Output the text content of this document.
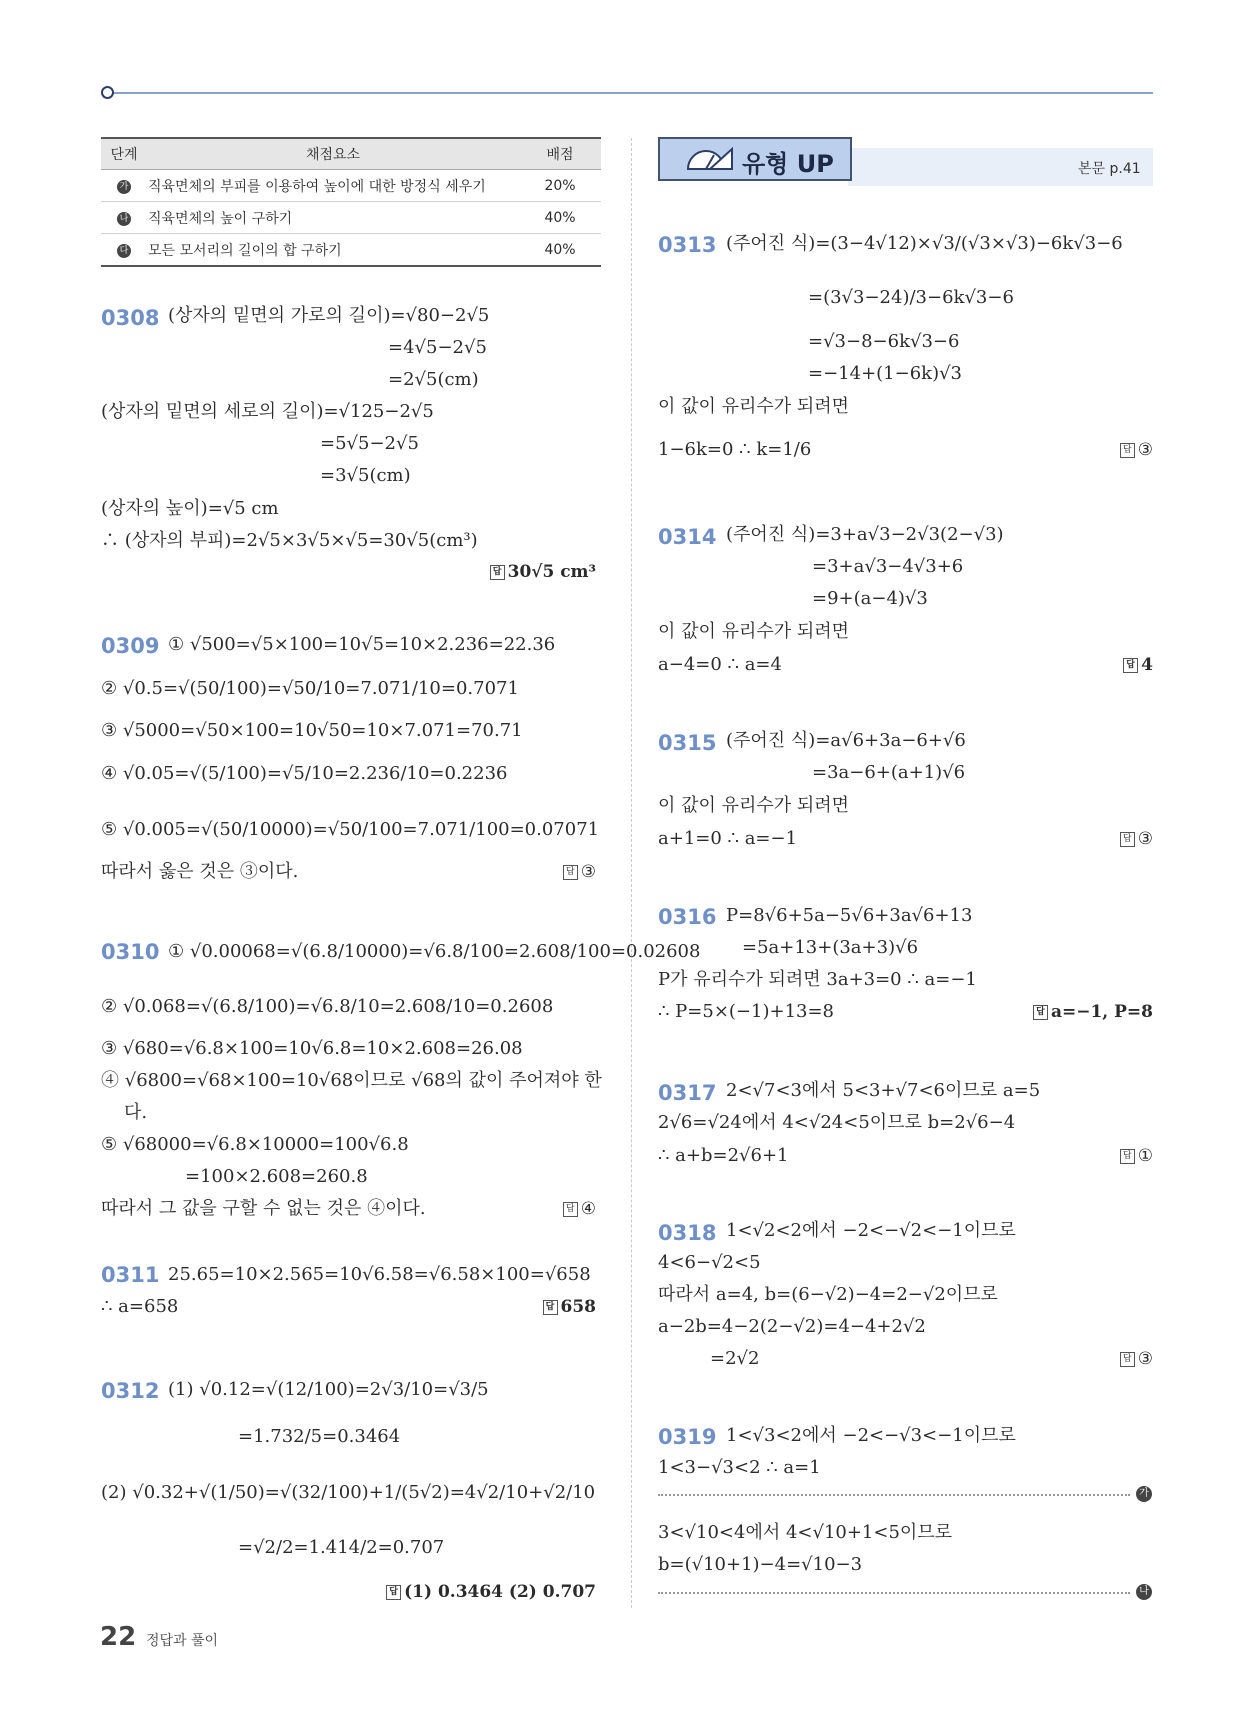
단계	채점요소	배점
가	직육면체의 부피를 이용하여 높이에 대한 방정식 세우기	20%
나	직육면체의 높이 구하기	40%
다	모든 모서리의 길이의 합 구하기	40%
유형 UP	본문 p.41
0308 (상자의 밑면의 가로의 길이)=√80−2√5
=4√5−2√5
=2√5(cm)
(상자의 밑면의 세로의 길이)=√125−2√5
=5√5−2√5
=3√5(cm)
(상자의 높이)=√5 cm
∴ (상자의 부피)=2√5×3√5×√5=30√5(cm³)
답 30√5 cm³
0309 ① √500=√5×100=10√5=10×2.236=22.36
② √0.5=√(50/100)=√50/10=7.071/10=0.7071
③ √5000=√50×100=10√50=10×7.071=70.71
④ √0.05=√(5/100)=√5/10=2.236/10=0.2236
⑤ √0.005=√(50/10000)=√50/100=7.071/100=0.07071
따라서 옳은 것은 ③이다.	답 ③
0310 ① √0.00068=√(6.8/10000)=√6.8/100=2.608/100=0.02608
② √0.068=√(6.8/100)=√6.8/10=2.608/10=0.2608
③ √680=√6.8×100=10√6.8=10×2.608=26.08
④ √6800=√68×100=10√68이므로 √68의 값이 주어져야 한
다.
⑤ √68000=√6.8×10000=100√6.8
=100×2.608=260.8
따라서 그 값을 구할 수 없는 것은 ④이다.	답 ④
0311 25.65=10×2.565=10√6.58=√6.58×100=√658
∴ a=658	답 658
0312 (1) √0.12=√(12/100)=2√3/10=√3/5
=1.732/5=0.3464
(2) √0.32+√(1/50)=√(32/100)+1/(5√2)=4√2/10+√2/10
=√2/2=1.414/2=0.707
답 (1) 0.3464 (2) 0.707
0313 (주어진 식)=(3−4√12)×√3/(√3×√3)−6k√3−6
=(3√3−24)/3−6k√3−6
=√3−8−6k√3−6
=−14+(1−6k)√3
이 값이 유리수가 되려면
1−6k=0 ∴ k=1/6	답 ③
0314 (주어진 식)=3+a√3−2√3(2−√3)
=3+a√3−4√3+6
=9+(a−4)√3
이 값이 유리수가 되려면
a−4=0 ∴ a=4	답 4
0315 (주어진 식)=a√6+3a−6+√6
=3a−6+(a+1)√6
이 값이 유리수가 되려면
a+1=0 ∴ a=−1	답 ③
0316 P=8√6+5a−5√6+3a√6+13
=5a+13+(3a+3)√6
P가 유리수가 되려면 3a+3=0 ∴ a=−1
∴ P=5×(−1)+13=8	답 a=−1, P=8
0317 2<√7<3에서 5<3+√7<6이므로 a=5
2√6=√24에서 4<√24<5이므로 b=2√6−4
∴ a+b=2√6+1	답 ①
0318 1<√2<2에서 −2<−√2<−1이므로
4<6−√2<5
따라서 a=4, b=(6−√2)−4=2−√2이므로
a−2b=4−2(2−√2)=4−4+2√2
=2√2	답 ③
0319 1<√3<2에서 −2<−√3<−1이므로
1<3−√3<2 ∴ a=1
가
3<√10<4에서 4<√10+1<5이므로
b=(√10+1)−4=√10−3
나
22 정답과 풀이
